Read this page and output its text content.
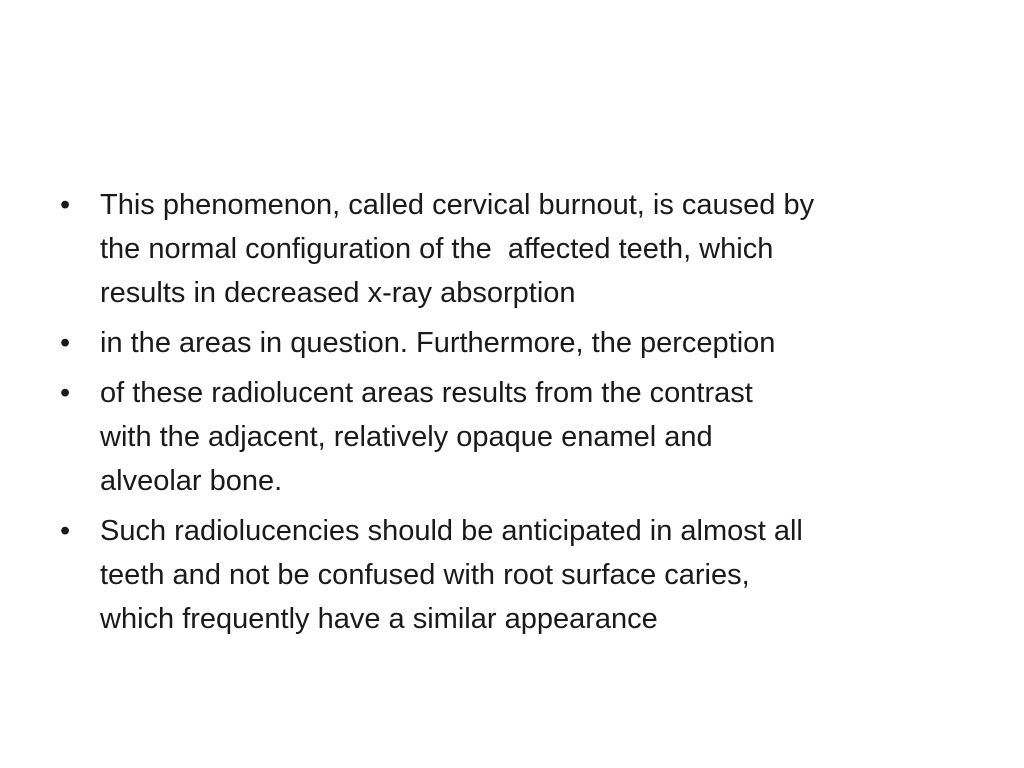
• This phenomenon, called cervical burnout, is caused by
the normal configuration of the  affected teeth, which
results in decreased x-ray absorption
• in the areas in question. Furthermore, the perception
• of these radiolucent areas results from the contrast
with the adjacent, relatively opaque enamel and
alveolar bone.
• Such radiolucencies should be anticipated in almost all
teeth and not be confused with root surface caries,
which frequently have a similar appearance
